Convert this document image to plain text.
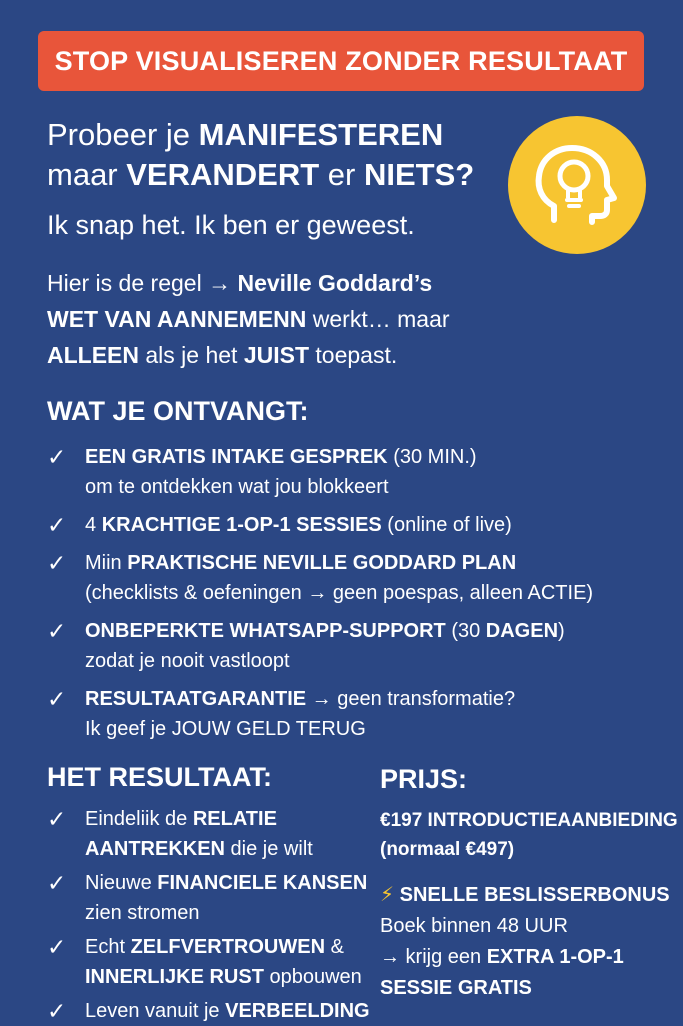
STOP VISUALISEREN ZONDER RESULTAAT
Probeer je MANIFESTEREN
maar VERANDERT er NIETS?
Ik snap het. Ik ben er geweest.
Hier is de regel → Neville Goddard’s
WET VAN AANNEMENN werkt… maar
ALLEEN als je het JUIST toepast.
WAT JE ONTVANGT:
✓ EEN GRATIS INTAKE GESPREK (30 MIN.)
om te ontdekken wat jou blokkeert
✓ 4 KRACHTIGE 1-OP-1 SESSIES (online of live)
✓ Miin PRAKTISCHE NEVILLE GODDARD PLAN
(checklists & oefeningen → geen poespas, alleen ACTIE)
✓ ONBEPERKTE WHATSAPP-SUPPORT (30 DAGEN)
zodat je nooit vastloopt
✓ RESULTAATGARANTIE → geen transformatie?
Ik geef je JOUW GELD TERUG
HET RESULTAAT:
✓ Eindeliik de RELATIE
AANTREKKEN die je wilt
✓ Nieuwe FINANCIELE KANSEN
zien stromen
✓ Echt ZELFVERTROUWEN &
INNERLIJKE RUST opbouwen
✓ Leven vanuit je VERBEELDING
PRIJS:
€197 INTRODUCTIEAANBIEDING
(normaal €497)
⚡ SNELLE BESLISSERBONUS
Boek binnen 48 UUR
→ krijg een EXTRA 1-OP-1
SESSIE GRATIS
